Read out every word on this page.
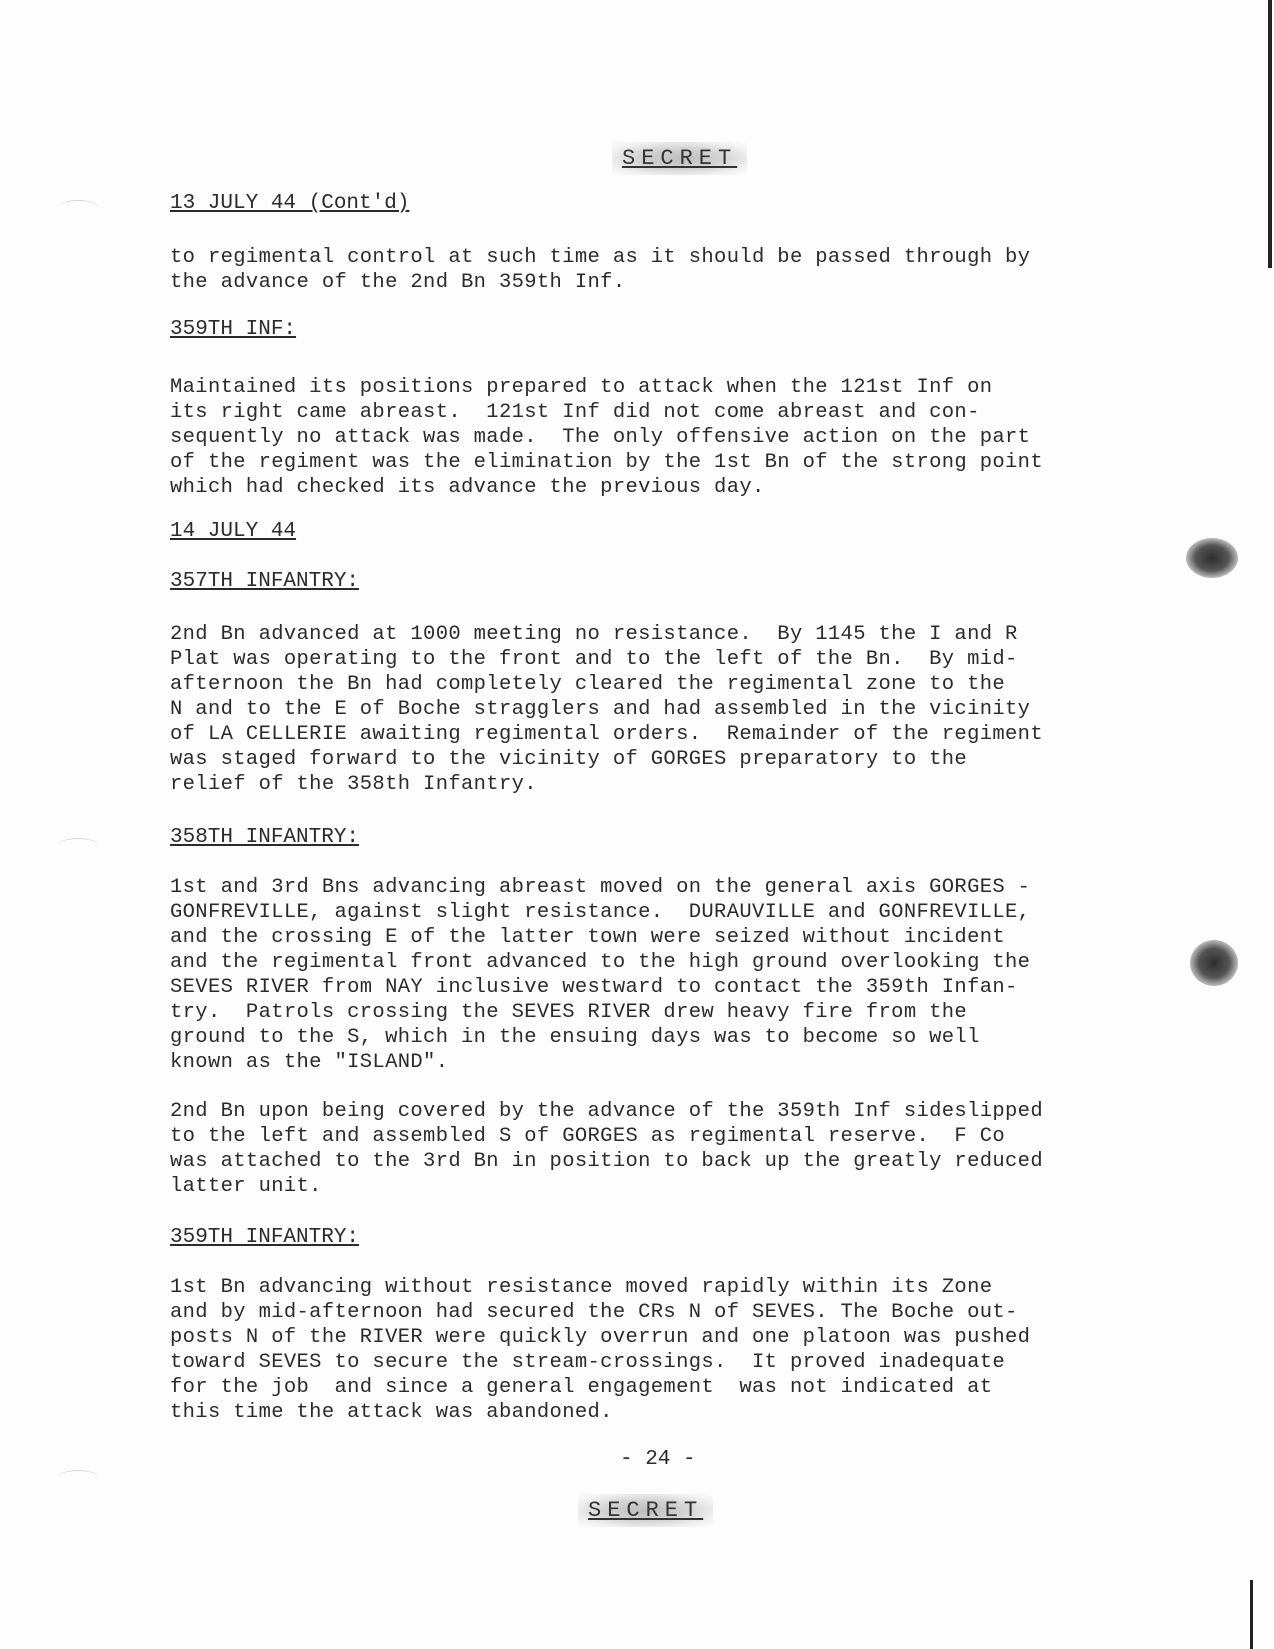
SECRET
13 JULY 44 (Cont'd)
to regimental control at such time as it should be passed through by
the advance of the 2nd Bn 359th Inf.
359TH INF:
Maintained its positions prepared to attack when the 121st Inf on
its right came abreast.  121st Inf did not come abreast and con-
sequently no attack was made.  The only offensive action on the part
of the regiment was the elimination by the 1st Bn of the strong point
which had checked its advance the previous day.
14 JULY 44
357TH INFANTRY:
2nd Bn advanced at 1000 meeting no resistance.  By 1145 the I and R
Plat was operating to the front and to the left of the Bn.  By mid-
afternoon the Bn had completely cleared the regimental zone to the
N and to the E of Boche stragglers and had assembled in the vicinity
of LA CELLERIE awaiting regimental orders.  Remainder of the regiment
was staged forward to the vicinity of GORGES preparatory to the
relief of the 358th Infantry.
358TH INFANTRY:
1st and 3rd Bns advancing abreast moved on the general axis GORGES -
GONFREVILLE, against slight resistance.  DURAUVILLE and GONFREVILLE,
and the crossing E of the latter town were seized without incident
and the regimental front advanced to the high ground overlooking the
SEVES RIVER from NAY inclusive westward to contact the 359th Infan-
try.  Patrols crossing the SEVES RIVER drew heavy fire from the
ground to the S, which in the ensuing days was to become so well
known as the "ISLAND".
2nd Bn upon being covered by the advance of the 359th Inf sideslipped
to the left and assembled S of GORGES as regimental reserve.  F Co
was attached to the 3rd Bn in position to back up the greatly reduced
latter unit.
359TH INFANTRY:
1st Bn advancing without resistance moved rapidly within its Zone
and by mid-afternoon had secured the CRs N of SEVES. The Boche out-
posts N of the RIVER were quickly overrun and one platoon was pushed
toward SEVES to secure the stream-crossings.  It proved inadequate
for the job  and since a general engagement  was not indicated at
this time the attack was abandoned.
- 24 -
SECRET
